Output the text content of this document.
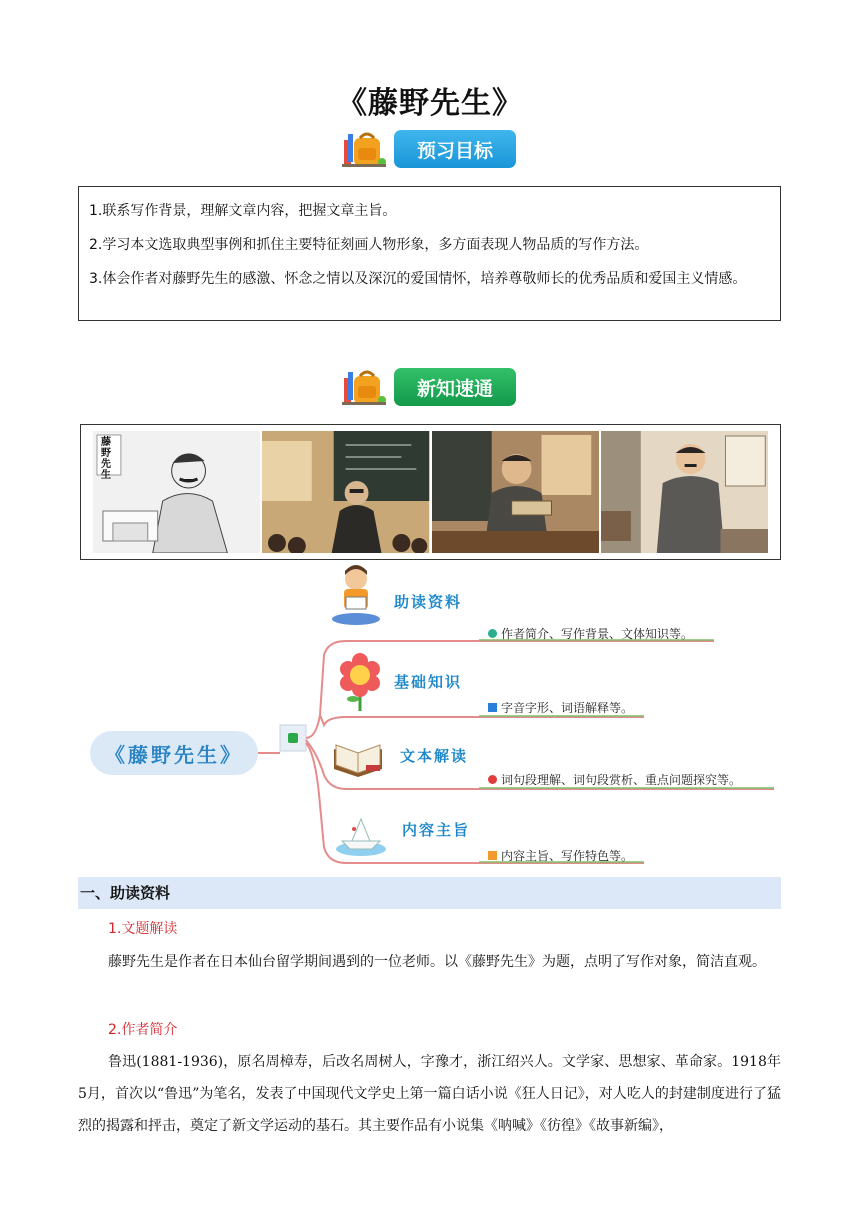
《藤野先生》
预习目标

1.联系写作背景，理解文章内容，把握文章主旨。

2.学习本文选取典型事例和抓住主要特征刻画人物形象，多方面表现人物品质的写作方法。

3.体会作者对藤野先生的感激、怀念之情以及深沉的爱国情怀，培养尊敬师长的优秀品质和爱国主义情感。

新知速通
藤野先生
《藤野先生》
助读资料
作者简介、写作背景、文体知识等。
基础知识
字音字形、词语解释等。
文本解读
词句段理解、词句段赏析、重点问题探究等。
内容主旨
内容主旨、写作特色等。
一、助读资料
1.文题解读
藤野先生是作者在日本仙台留学期间遇到的一位老师。以《藤野先生》为题，点明了写作对象，简洁直观。
2.作者简介
鲁迅(1881-1936)，原名周樟寿，后改名周树人，字豫才，浙江绍兴人。文学家、思想家、革命家。1918年5月，首次以“鲁迅”为笔名，发表了中国现代文学史上第一篇白话小说《狂人日记》，对人吃人的封建制度进行了猛烈的揭露和抨击，奠定了新文学运动的基石。其主要作品有小说集《呐喊》《彷徨》《故事新编》，
